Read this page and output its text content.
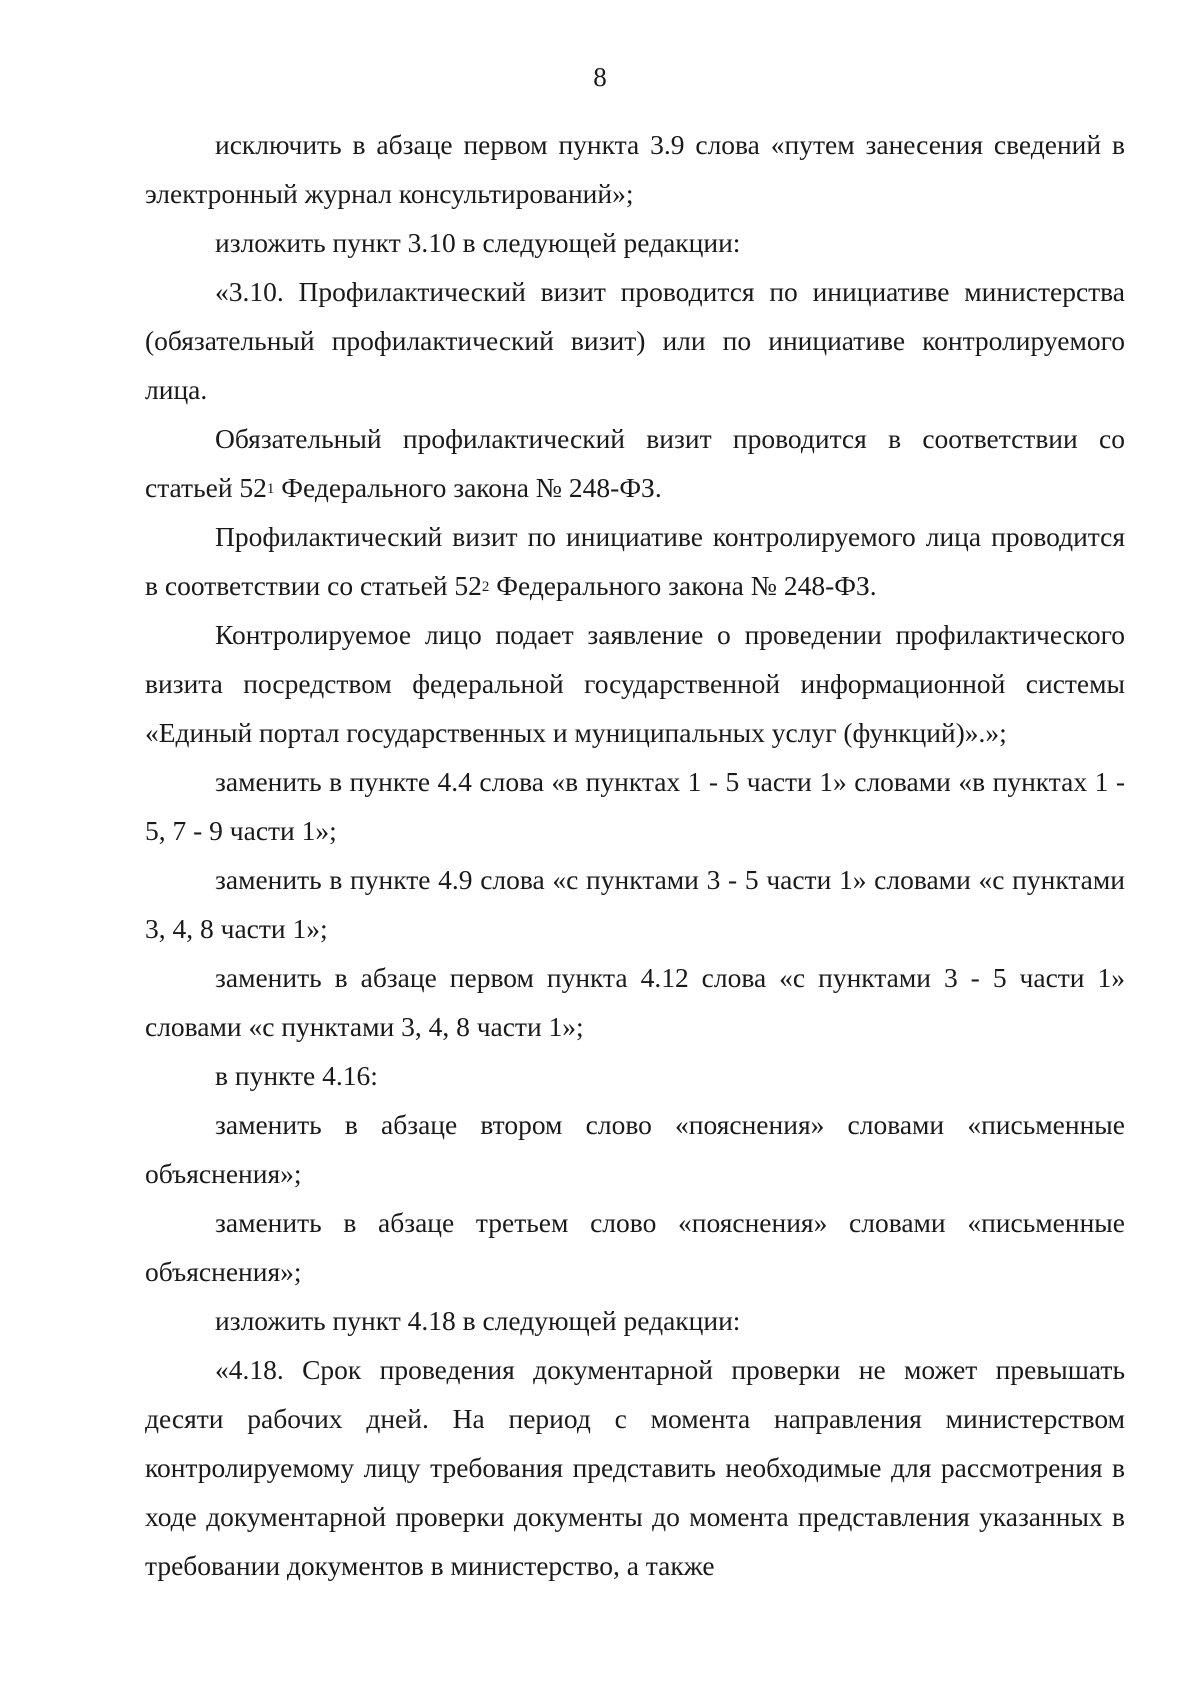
8

исключить в абзаце первом пункта 3.9 слова «путем занесения сведений в электронный журнал консультирований»;

изложить пункт 3.10 в следующей редакции:

«3.10. Профилактический визит проводится по инициативе министерства (обязательный профилактический визит) или по инициативе контролируемого лица.

Обязательный профилактический визит проводится в соответствии со статьей $52^1$ Федерального закона № 248-ФЗ.

Профилактический визит по инициативе контролируемого лица проводится в соответствии со статьей $52^2$ Федерального закона № 248-ФЗ.

Контролируемое лицо подает заявление о проведении профилактического визита посредством федеральной государственной информационной системы «Единый портал государственных и муниципальных услуг (функций)».»;

заменить в пункте 4.4 слова «в пунктах 1 - 5 части 1» словами «в пунктах 1 - 5, 7 - 9 части 1»;

заменить в пункте 4.9 слова «с пунктами 3 - 5 части 1» словами «с пунктами 3, 4, 8 части 1»;

заменить в абзаце первом пункта 4.12 слова «с пунктами 3 - 5 части 1» словами «с пунктами 3, 4, 8 части 1»;

в пункте 4.16:

заменить в абзаце втором слово «пояснения» словами «письменные объяснения»;

заменить в абзаце третьем слово «пояснения» словами «письменные объяснения»;

изложить пункт 4.18 в следующей редакции:

«4.18. Срок проведения документарной проверки не может превышать десяти рабочих дней. На период с момента направления министерством контролируемому лицу требования представить необходимые для рассмотрения в ходе документарной проверки документы до момента представления указанных в требовании документов в министерство, а также
